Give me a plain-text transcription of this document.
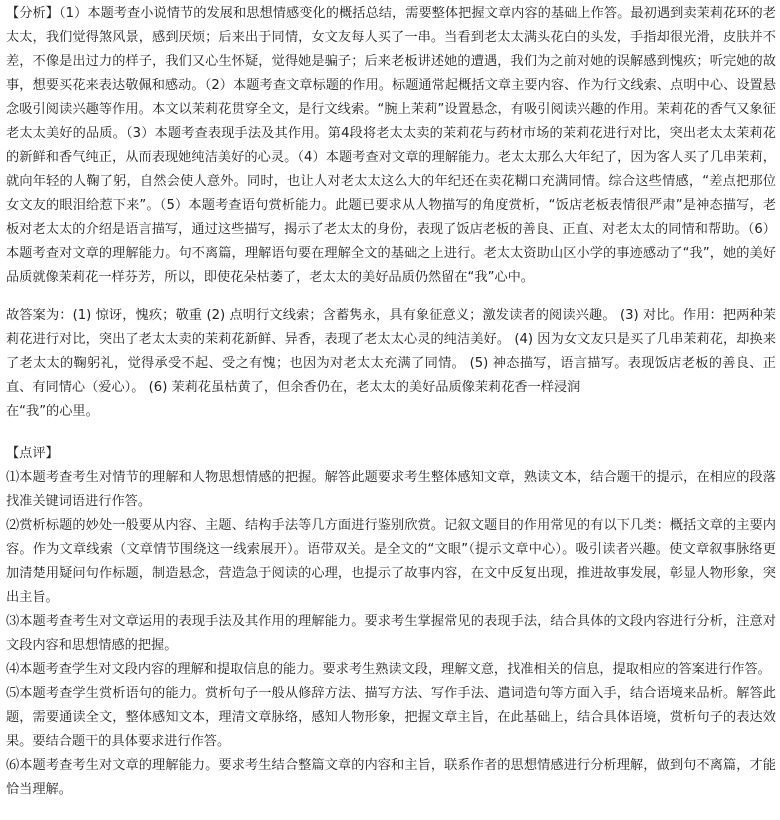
【分析】（1）本题考查小说情节的发展和思想情感变化的概括总结，需要整体把握文章内容的基础上作答。最初遇到卖茉莉花环的老太太，我们觉得煞风景，感到厌烦；后来出于同情，女文友每人买了一串。当看到老太太满头花白的头发，手指却很光滑，皮肤并不差，不像是出过力的样子，我们又心生怀疑，觉得她是骗子；后来老板讲述她的遭遇，我们为之前对她的误解感到愧疚；听完她的故事，想要买花来表达敬佩和感动。（2）本题考查文章标题的作用。标题通常起概括文章主要内容、作为行文线索、点明中心、设置悬念吸引阅读兴趣等作用。本文以茉莉花贯穿全文，是行文线索。“腕上茉莉”设置悬念，有吸引阅读兴趣的作用。茉莉花的香气又象征老太太美好的品质。（3）本题考查表现手法及其作用。第4段将老太太卖的茉莉花与药材市场的茉莉花进行对比，突出老太太茉莉花的新鲜和香气纯正，从而表现她纯洁美好的心灵。（4）本题考查对文章的理解能力。老太太那么大年纪了，因为客人买了几串茉莉，就向年轻的人鞠了躬，自然会使人意外。同时，也让人对老太太这么大的年纪还在卖花糊口充满同情。综合这些情感，“差点把那位女文友的眼泪给惹下来”。（5）本题考查语句赏析能力。此题已要求从人物描写的角度赏析，“饭店老板表情很严肃”是神态描写，老板对老太太的介绍是语言描写，通过这些描写，揭示了老太太的身份，表现了饭店老板的善良、正直、对老太太的同情和帮助。（6）本题考查对文章的理解能力。句不离篇，理解语句要在理解全文的基础之上进行。老太太资助山区小学的事迹感动了“我”，她的美好品质就像茉莉花一样芬芳，所以，即使花朵枯萎了，老太太的美好品质仍然留在“我”心中。

故答案为：(1) 惊讶，愧疚；敬重 (2) 点明行文线索；含蓄隽永，具有象征意义；激发读者的阅读兴趣。 (3) 对比。作用：把两种茉莉花进行对比，突出了老太太卖的茉莉花新鲜、异香，表现了老太太心灵的纯洁美好。 (4) 因为女文友只是买了几串茉莉花，却换来了老太太的鞠躬礼，觉得承受不起、受之有愧；也因为对老太太充满了同情。 (5) 神态描写，语言描写。表现饭店老板的善良、正直、有同情心（爱心）。 (6) 茉莉花虽枯黄了，但余香仍在，老太太的美好品质像茉莉花香一样浸润

在“我”的心里。

【点评】

⑴本题考查考生对情节的理解和人物思想情感的把握。解答此题要求考生整体感知文章，熟读文本，结合题干的提示，在相应的段落找准关键词语进行作答。

⑵赏析标题的妙处一般要从内容、主题、结构手法等几方面进行鉴别欣赏。记叙文题目的作用常见的有以下几类：概括文章的主要内容。作为文章线索（文章情节围绕这一线索展开）。语带双关。是全文的“文眼”（提示文章中心）。吸引读者兴趣。使文章叙事脉络更加清楚用疑问句作标题，制造悬念，营造急于阅读的心理，也提示了故事内容，在文中反复出现，推进故事发展，彰显人物形象，突出主旨。

⑶本题考查考生对文章运用的表现手法及其作用的理解能力。要求考生掌握常见的表现手法，结合具体的文段内容进行分析，注意对文段内容和思想情感的把握。

⑷本题考查学生对文段内容的理解和提取信息的能力。要求考生熟读文段，理解文意，找准相关的信息，提取相应的答案进行作答。

⑸本题考查学生赏析语句的能力。赏析句子一般从修辞方法、描写方法、写作手法、遣词造句等方面入手，结合语境来品析。解答此题，需要通读全文，整体感知文本，理清文章脉络，感知人物形象，把握文章主旨，在此基础上，结合具体语境，赏析句子的表达效果。要结合题干的具体要求进行作答。

⑹本题考查考生对文章的理解能力。要求考生结合整篇文章的内容和主旨，联系作者的思想情感进行分析理解，做到句不离篇，才能恰当理解。
